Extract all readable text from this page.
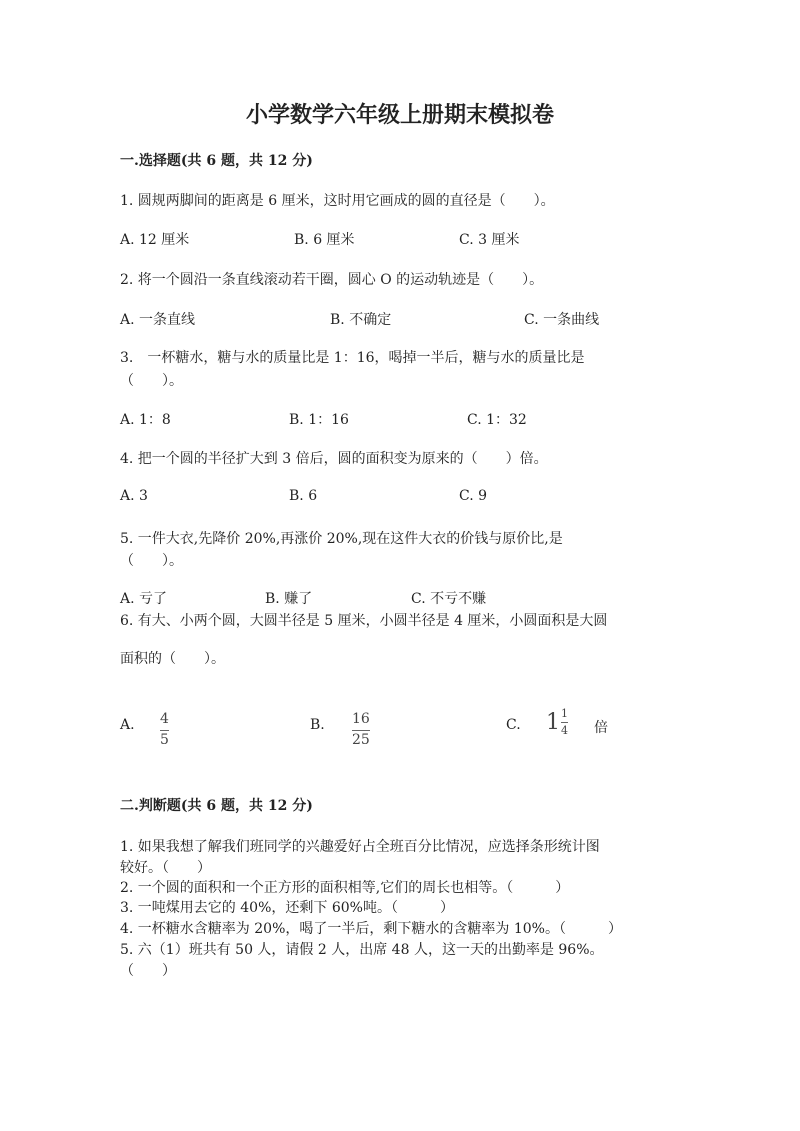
小学数学六年级上册期末模拟卷
一.选择题(共 6 题，共 12 分)
1. 圆规两脚间的距离是 6 厘米，这时用它画成的圆的直径是（　　）。
A. 12 厘米	B. 6 厘米	C. 3 厘米
2. 将一个圆沿一条直线滚动若干圈，圆心 O 的运动轨迹是（　　）。
A. 一条直线	B. 不确定	C. 一条曲线
3.　一杯糖水，糖与水的质量比是 1：16，喝掉一半后，糖与水的质量比是
（　　）。
A. 1：8	B. 1：16	C. 1：32
4. 把一个圆的半径扩大到 3 倍后，圆的面积变为原来的（　　）倍。
A. 3	B. 6	C. 9
5. 一件大衣,先降价 20%,再涨价 20%,现在这件大衣的价钱与原价比,是
（　　）。
A. 亏了	B. 赚了	C. 不亏不赚
6. 有大、小两个圆，大圆半径是 5 厘米，小圆半径是 4 厘米，小圆面积是大圆
面积的（　　）。
A. $\frac{4}{5}$	B. $\frac{16}{25}$	C. $1 \frac{1}{4}$ 倍
二.判断题(共 6 题，共 12 分)
1. 如果我想了解我们班同学的兴趣爱好占全班百分比情况，应选择条形统计图
较好。（　　）
2. 一个圆的面积和一个正方形的面积相等,它们的周长也相等。（　　　）
3. 一吨煤用去它的 40%，还剩下 60%吨。（　　　）
4. 一杯糖水含糖率为 20%，喝了一半后，剩下糖水的含糖率为 10%。（　　　）
5. 六（1）班共有 50 人，请假 2 人，出席 48 人，这一天的出勤率是 96%。
（　　）
